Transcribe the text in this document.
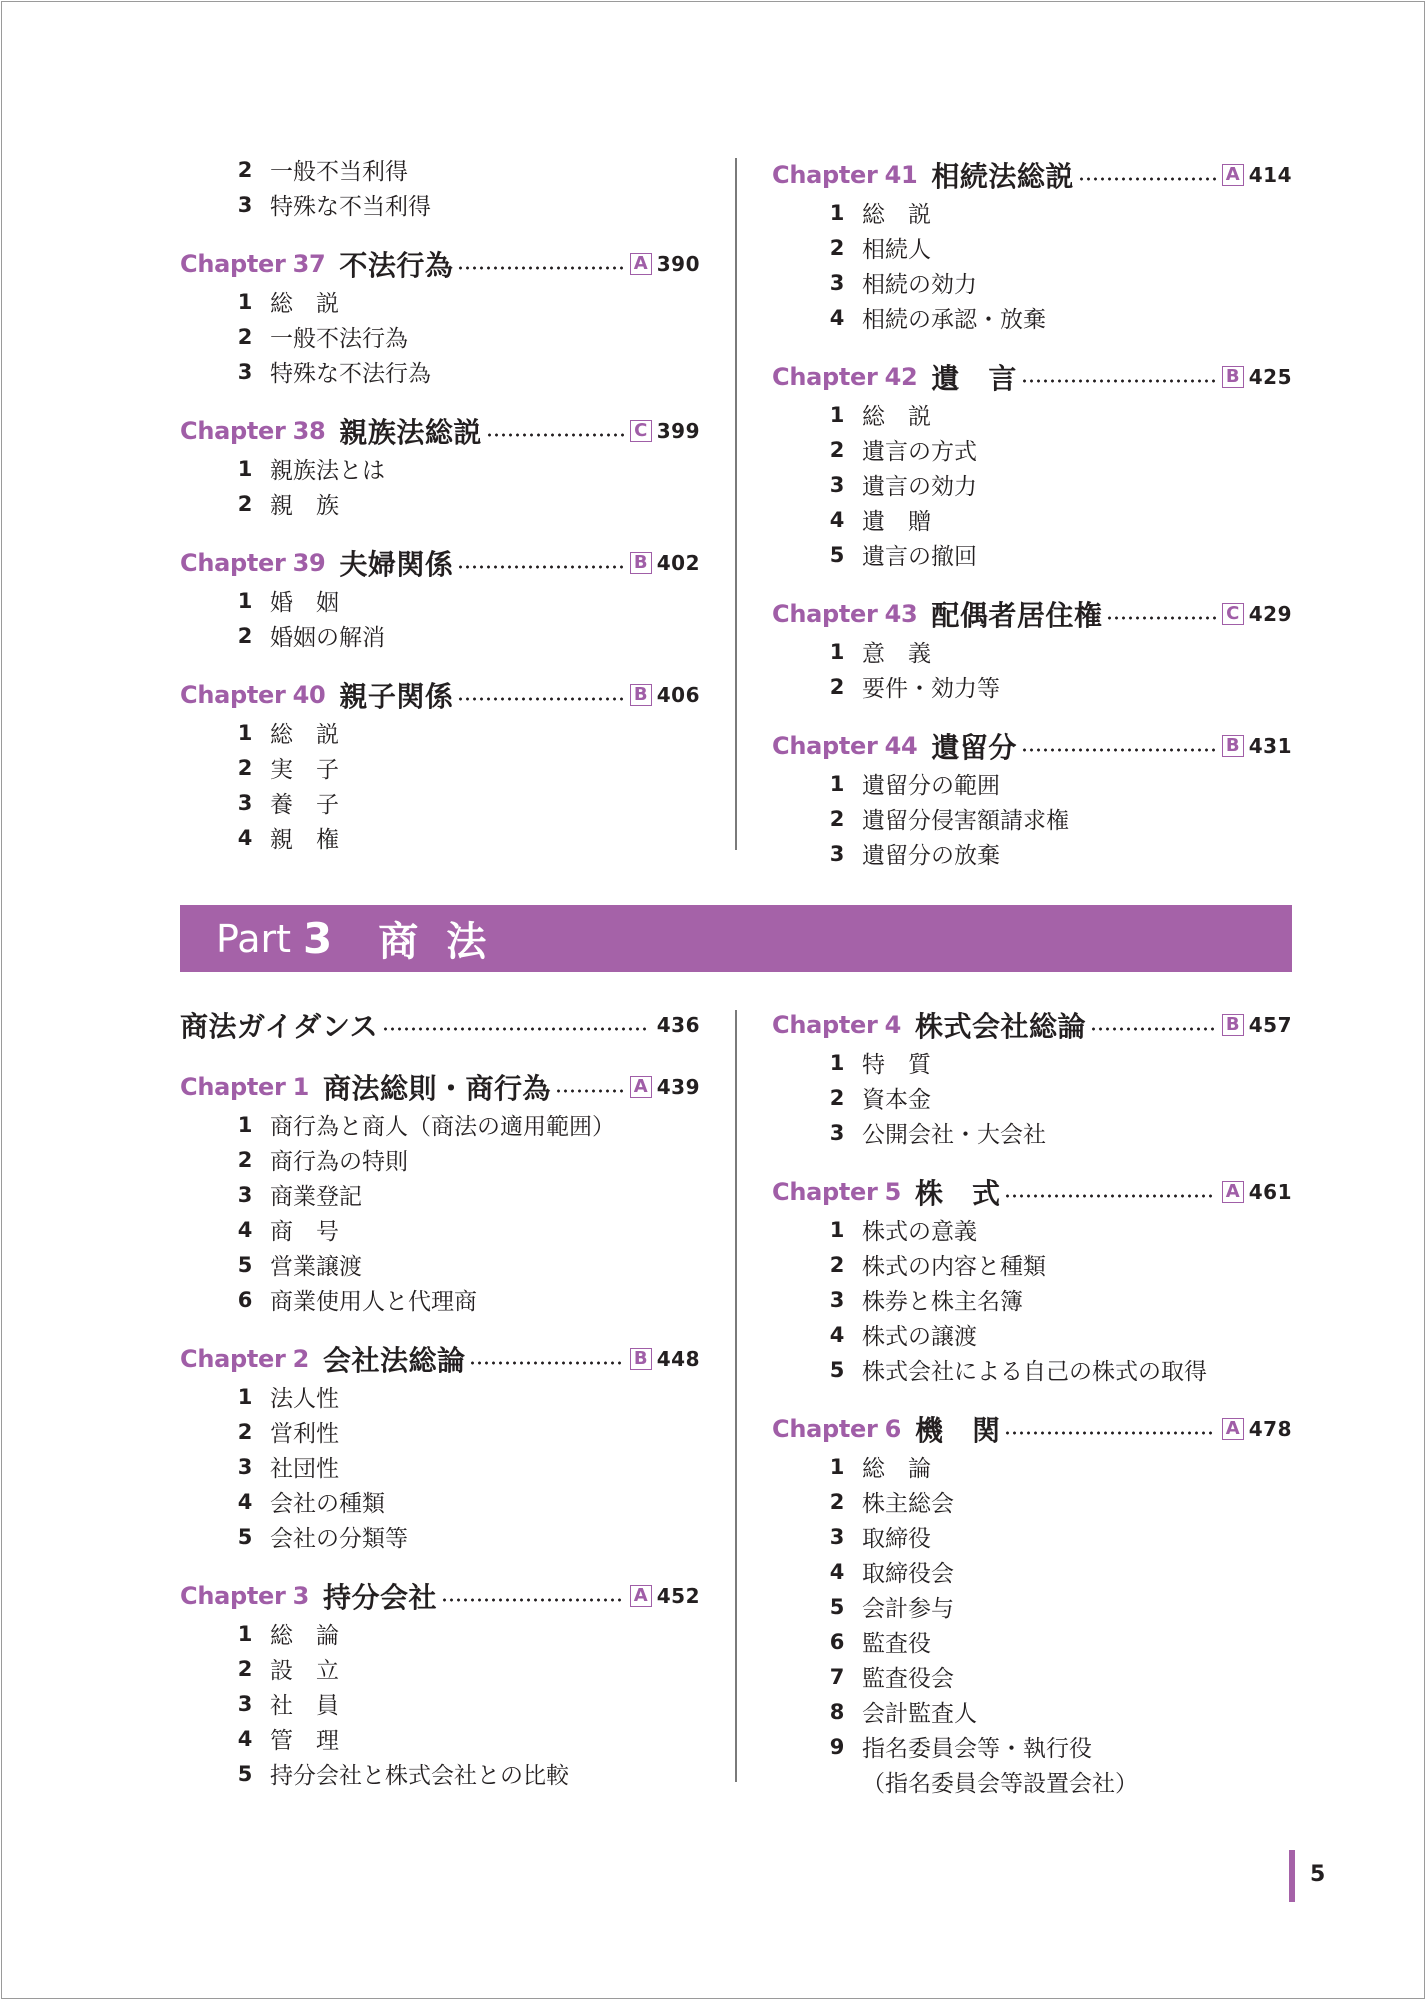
2 一般不当利得
3 特殊な不当利得
Chapter 37 不法行為	A 390
1 総　説
2 一般不法行為
3 特殊な不法行為
Chapter 38 親族法総説	C 399
1 親族法とは
2 親　族
Chapter 39 夫婦関係	B 402
1 婚　姻
2 婚姻の解消
Chapter 40 親子関係	B 406
1 総　説
2 実　子
3 養　子
4 親　権
Chapter 41 相続法総説	A 414
1 総　説
2 相続人
3 相続の効力
4 相続の承認・放棄
Chapter 42 遺　言	B 425
1 総　説
2 遺言の方式
3 遺言の効力
4 遺　贈
5 遺言の撤回
Chapter 43 配偶者居住権	C 429
1 意　義
2 要件・効力等
Chapter 44 遺留分	B 431
1 遺留分の範囲
2 遺留分侵害額請求権
3 遺留分の放棄
Part 3 商法
商法ガイダンス	436
Chapter 1 商法総則・商行為	A 439
1 商行為と商人（商法の適用範囲）
2 商行為の特則
3 商業登記
4 商　号
5 営業譲渡
6 商業使用人と代理商
Chapter 2 会社法総論	B 448
1 法人性
2 営利性
3 社団性
4 会社の種類
5 会社の分類等
Chapter 3 持分会社	A 452
1 総　論
2 設　立
3 社　員
4 管　理
5 持分会社と株式会社との比較
Chapter 4 株式会社総論	B 457
1 特　質
2 資本金
3 公開会社・大会社
Chapter 5 株　式	A 461
1 株式の意義
2 株式の内容と種類
3 株券と株主名簿
4 株式の譲渡
5 株式会社による自己の株式の取得
Chapter 6 機　関	A 478
1 総　論
2 株主総会
3 取締役
4 取締役会
5 会計参与
6 監査役
7 監査役会
8 会計監査人
9 指名委員会等・執行役
（指名委員会等設置会社）
5
